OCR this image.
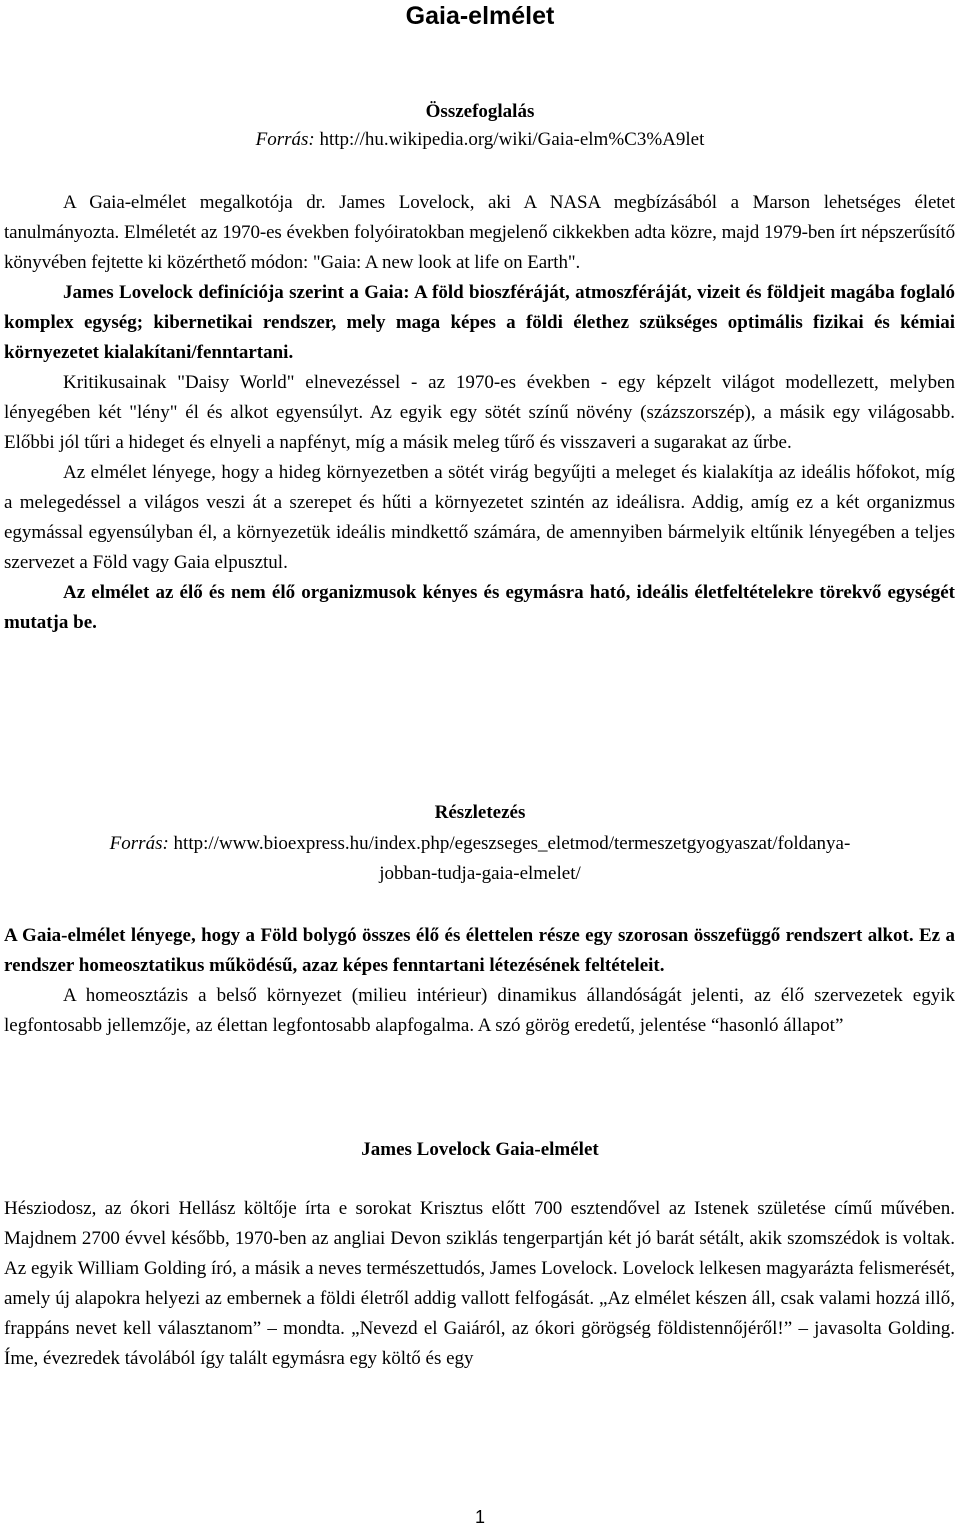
Gaia-elmélet
Összefoglalás
Forrás: http://hu.wikipedia.org/wiki/Gaia-elm%C3%A9let

A Gaia-elmélet megalkotója dr. James Lovelock, aki A NASA megbízásából a Marson lehetséges életet tanulmányozta. Elméletét az 1970-es években folyóiratokban megjelenő cikkekben adta közre, majd 1979-ben írt népszerűsítő könyvében fejtette ki közérthető módon: "Gaia: A new look at life on Earth".

James Lovelock definíciója szerint a Gaia: A föld bioszféráját, atmoszféráját, vizeit és földjeit magába foglaló komplex egység; kibernetikai rendszer, mely maga képes a földi élethez szükséges optimális fizikai és kémiai környezetet kialakítani/fenntartani.

Kritikusainak "Daisy World" elnevezéssel - az 1970-es években - egy képzelt világot modellezett, melyben lényegében két "lény" él és alkot egyensúlyt. Az egyik egy sötét színű növény (százszorszép), a másik egy világosabb. Előbbi jól tűri a hideget és elnyeli a napfényt, míg a másik meleg tűrő és visszaveri a sugarakat az űrbe.

Az elmélet lényege, hogy a hideg környezetben a sötét virág begyűjti a meleget és kialakítja az ideális hőfokot, míg a melegedéssel a világos veszi át a szerepet és hűti a környezetet szintén az ideálisra. Addig, amíg ez a két organizmus egymással egyensúlyban él, a környezetük ideális mindkettő számára, de amennyiben bármelyik eltűnik lényegében a teljes szervezet a Föld vagy Gaia elpusztul.

Az elmélet az élő és nem élő organizmusok kényes és egymásra ható, ideális életfeltételekre törekvő egységét mutatja be.

Részletezés
Forrás: http://www.bioexpress.hu/index.php/egeszseges_eletmod/termeszetgyogyaszat/foldanya-
jobban-tudja-gaia-elmelet/

A Gaia-elmélet lényege, hogy a Föld bolygó összes élő és élettelen része egy szorosan összefüggő rendszert alkot. Ez a rendszer homeosztatikus működésű, azaz képes fenntartani létezésének feltételeit.

A homeosztázis a belső környezet (milieu intérieur) dinamikus állandóságát jelenti, az élő szervezetek egyik legfontosabb jellemzője, az élettan legfontosabb alapfogalma. A szó görög eredetű, jelentése “hasonló állapot”

James Lovelock Gaia-elmélet

Hésziodosz, az ókori Hellász költője írta e sorokat Krisztus előtt 700 esztendővel az Istenek születése című művében. Majdnem 2700 évvel később, 1970-ben az angliai Devon sziklás tengerpartján két jó barát sétált, akik szomszédok is voltak. Az egyik William Golding író, a másik a neves természettudós, James Lovelock. Lovelock lelkesen magyarázta felismerését, amely új alapokra helyezi az embernek a földi életről addig vallott felfogását. „Az elmélet készen áll, csak valami hozzá illő, frappáns nevet kell választanom” – mondta. „Nevezd el Gaiáról, az ókori görögség földistennőjéről!” – javasolta Golding. Íme, évezredek távolából így talált egymásra egy költő és egy

1
